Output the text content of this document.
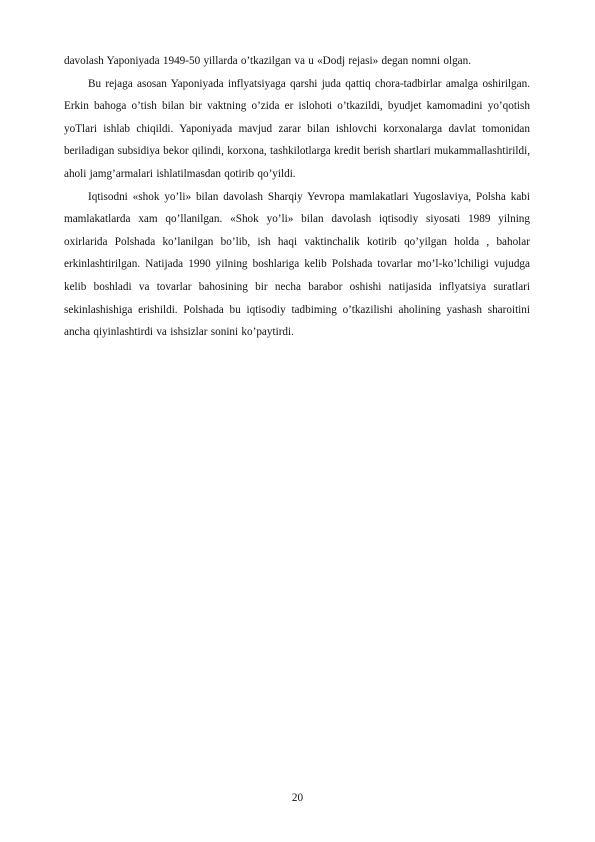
davolash Yaponiyada 1949-50 yillarda o’tkazilgan va u «Dodj rejasi» degan nomni olgan.

Bu rejaga asosan Yaponiyada inflyatsiyaga qarshi juda qattiq chora-tadbirlar amalga oshirilgan. Erkin bahoga o’tish bilan bir vaktning o’zida er islohoti o’tkazildi, byudjet kamomadini yo’qotish yoTlari ishlab chiqildi. Yaponiyada mavjud zarar bilan ishlovchi korxonalarga davlat tomonidan beriladigan subsidiya bekor qilindi, korxona, tashkilotlarga kredit berish shartlari mukammallashtirildi, aholi jamg’armalari ishlatilmasdan qotirib qo’yildi.

Iqtisodni «shok yo’li» bilan davolash Sharqiy Yevropa mamlakatlari Yugoslaviya, Polsha kabi mamlakatlarda xam qo’llanilgan. «Shok yo’li» bilan davolash iqtisodiy siyosati 1989 yilning oxirlarida Polshada ko’lanilgan bo’lib, ish haqi vaktinchalik kotirib qo’yilgan holda , baholar erkinlashtirilgan. Natijada 1990 yilning boshlariga kelib Polshada tovarlar mo’l-ko’lchiligi vujudga kelib boshladi va tovarlar bahosining bir necha barabor oshishi natijasida inflyatsiya suratlari sekinlashishiga erishildi. Polshada bu iqtisodiy tadbiming o’tkazilishi aholining yashash sharoitini ancha qiyinlashtirdi va ishsizlar sonini ko’paytirdi.

20
